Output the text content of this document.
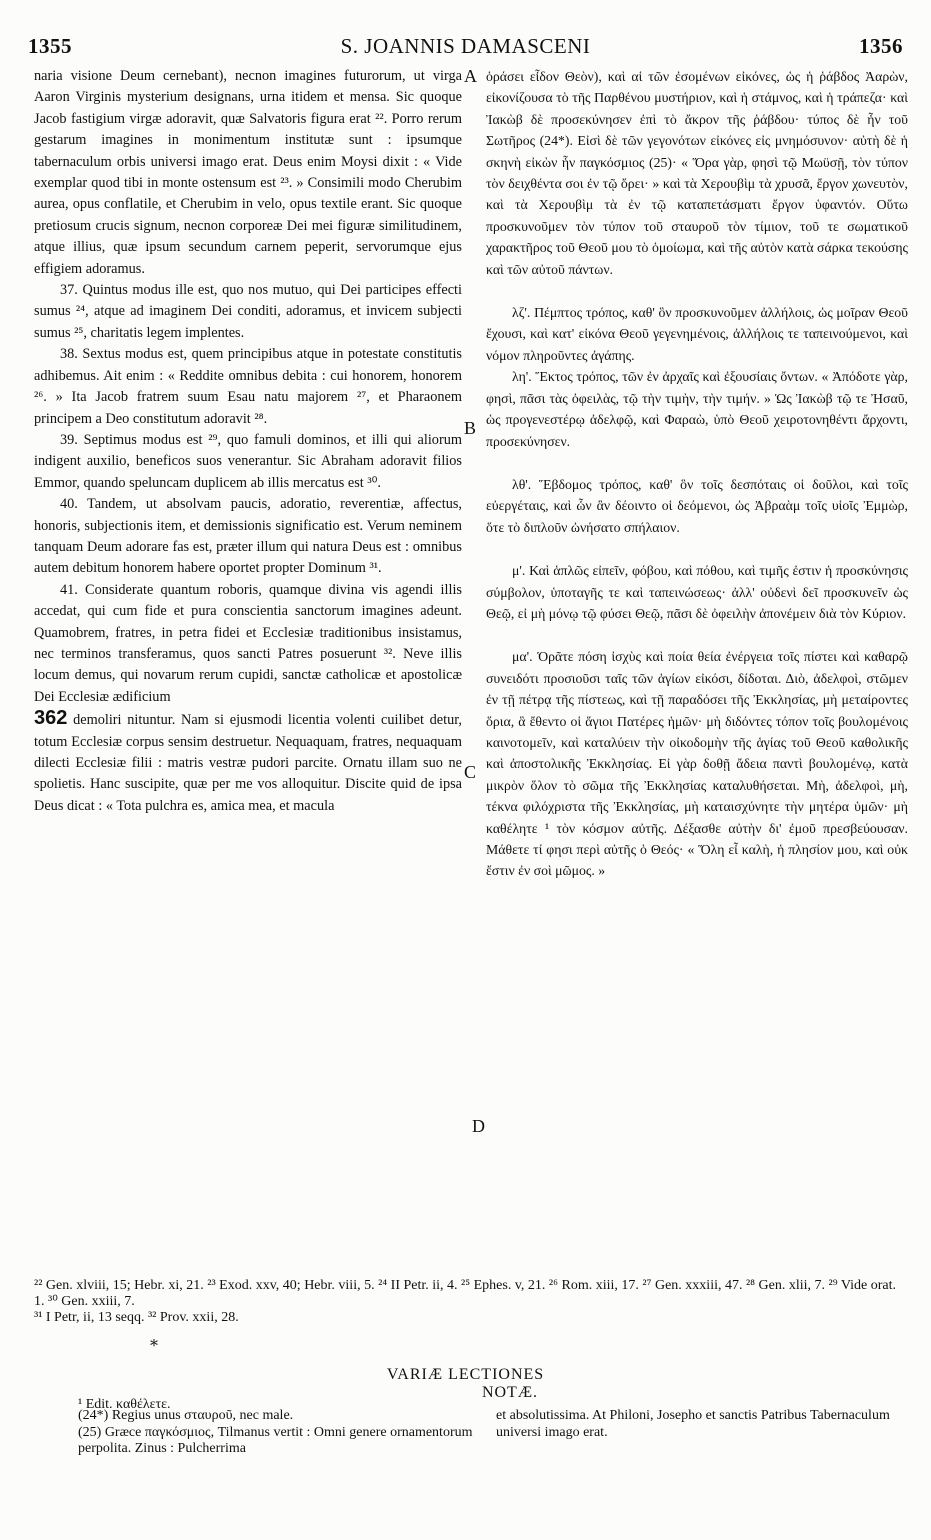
1355	S. JOANNIS DAMASCENI	1356

naria visione Deum cernebant), necnon imagines futurorum, ut virga Aaron Virginis mysterium designans, urna itidem et mensa. Sic quoque Jacob fastigium virgæ adoravit, quæ Salvatoris figura erat ²². Porro rerum gestarum imagines in monimentum institutæ sunt : ipsumque tabernaculum orbis universi imago erat. Deus enim Moysi dixit : « Vide exemplar quod tibi in monte ostensum est ²³. » Consimili modo Cherubim aurea, opus conflatile, et Cherubim in velo, opus textile erant. Sic quoque pretiosum crucis signum, necnon corporeæ Dei mei figuræ similitudinem, atque illius, quæ ipsum secundum carnem peperit, servorumque ejus effigiem adoramus.

37. Quintus modus ille est, quo nos mutuo, qui Dei participes effecti sumus ²⁴, atque ad imaginem Dei conditi, adoramus, et invicem subjecti sumus ²⁵, charitatis legem implentes.

38. Sextus modus est, quem principibus atque in potestate constitutis adhibemus. Ait enim : « Reddite omnibus debita : cui honorem, honorem ²⁶. » Ita Jacob fratrem suum Esau natu majorem ²⁷, et Pharaonem principem a Deo constitutum adoravit ²⁸.

39. Septimus modus est ²⁹, quo famuli dominos, et illi qui aliorum indigent auxilio, beneficos suos venerantur. Sic Abraham adoravit filios Emmor, quando speluncam duplicem ab illis mercatus est ³⁰.

40. Tandem, ut absolvam paucis, adoratio, reverentiæ, affectus, honoris, subjectionis item, et demissionis significatio est. Verum neminem tanquam Deum adorare fas est, præter illum qui natura Deus est : omnibus autem debitum honorem habere oportet propter Dominum ³¹.

41. Considerate quantum roboris, quamque divina vis agendi illis accedat, qui cum fide et pura conscientia sanctorum imagines adeunt. Quamobrem, fratres, in petra fidei et Ecclesiæ traditionibus insistamus, nec terminos transferamus, quos sancti Patres posuerunt ³². Neve illis locum demus, qui novarum rerum cupidi, sanctæ catholicæ et apostolicæ Dei Ecclesiæ ædificium

362 demoliri nituntur. Nam si ejusmodi licentia volenti cuilibet detur, totum Ecclesiæ corpus sensim destruetur. Nequaquam, fratres, nequaquam dilecti Ecclesiæ filii : matris vestræ pudori parcite. Ornatu illam suo ne spolietis. Hanc suscipite, quæ per me vos alloquitur. Discite quid de ipsa Deus dicat : « Tota pulchra es, amica mea, et macula

A
B
C
D

ὁράσει εἶδον Θεὸν), καὶ αἱ τῶν ἐσομένων εἰκόνες, ὡς ἡ ῥάβδος Ἀαρὼν, εἰκονίζουσα τὸ τῆς Παρθένου μυστήριον, καὶ ἡ στάμνος, καὶ ἡ τράπεζα· καὶ Ἰακὼβ δὲ προσεκύνησεν ἐπὶ τὸ ἄκρον τῆς ῥάβδου· τύπος δὲ ἦν τοῦ Σωτῆρος (24*). Εἰσὶ δὲ τῶν γεγονότων εἰκόνες εἰς μνημόσυνον· αὐτὴ δὲ ἡ σκηνὴ εἰκὼν ἦν παγκόσμιος (25)· « Ὅρα γὰρ, φησὶ τῷ Μωϋσῇ, τὸν τύπον τὸν δειχθέντα σοι ἐν τῷ ὄρει· » καὶ τὰ Χερουβὶμ τὰ χρυσᾶ, ἔργον χωνευτὸν, καὶ τὰ Χερουβὶμ τὰ ἐν τῷ καταπετάσματι ἔργον ὑφαντόν. Οὕτω προσκυνοῦμεν τὸν τύπον τοῦ σταυροῦ τὸν τίμιον, τοῦ τε σωματικοῦ χαρακτῆρος τοῦ Θεοῦ μου τὸ ὁμοίωμα, καὶ τῆς αὐτὸν κατὰ σάρκα τεκούσης καὶ τῶν αὐτοῦ πάντων.

λζ'. Πέμπτος τρόπος, καθ' ὃν προσκυνοῦμεν ἀλλήλοις, ὡς μοῖραν Θεοῦ ἔχουσι, καὶ κατ' εἰκόνα Θεοῦ γεγενημένοις, ἀλλήλοις τε ταπεινούμενοι, καὶ νόμον πληροῦντες ἀγάπης.

λη'. Ἕκτος τρόπος, τῶν ἐν ἀρχαῖς καὶ ἐξουσίαις ὄντων. « Ἀπόδοτε γὰρ, φησὶ, πᾶσι τὰς ὀφειλὰς, τῷ τὴν τιμὴν, τὴν τιμήν. » Ὡς Ἰακὼβ τῷ τε Ἠσαῦ, ὡς προγενεστέρῳ ἀδελφῷ, καὶ Φαραὼ, ὑπὸ Θεοῦ χειροτονηθέντι ἄρχοντι, προσεκύνησεν.

λθ'. Ἕβδομος τρόπος, καθ' ὃν τοῖς δεσπόταις οἱ δοῦλοι, καὶ τοῖς εὐεργέταις, καὶ ὧν ἂν δέοιντο οἱ δεόμενοι, ὡς Ἀβραὰμ τοῖς υἱοῖς Ἐμμὼρ, ὅτε τὸ διπλοῦν ὠνήσατο σπήλαιον.

μ'. Καὶ ἁπλῶς εἰπεῖν, φόβου, καὶ πόθου, καὶ τιμῆς ἐστιν ἡ προσκύνησις σύμβολον, ὑποταγῆς τε καὶ ταπεινώσεως· ἀλλ' οὐδενὶ δεῖ προσκυνεῖν ὡς Θεῷ, εἰ μὴ μόνῳ τῷ φύσει Θεῷ, πᾶσι δὲ ὀφειλὴν ἀπονέμειν διὰ τὸν Κύριον.

μα'. Ὁρᾶτε πόση ἰσχὺς καὶ ποία θεία ἐνέργεια τοῖς πίστει καὶ καθαρῷ συνειδότι προσιοῦσι ταῖς τῶν ἁγίων εἰκόσι, δίδοται. Διὸ, ἀδελφοὶ, στῶμεν ἐν τῇ πέτρᾳ τῆς πίστεως, καὶ τῇ παραδόσει τῆς Ἐκκλησίας, μὴ μεταίροντες ὅρια, ἃ ἔθεντο οἱ ἅγιοι Πατέρες ἡμῶν· μὴ διδόντες τόπον τοῖς βουλομένοις καινοτομεῖν, καὶ καταλύειν τὴν οἰκοδομὴν τῆς ἁγίας τοῦ Θεοῦ καθολικῆς καὶ ἀποστολικῆς Ἐκκλησίας. Εἰ γὰρ δοθῇ ἄδεια παντὶ βουλομένῳ, κατὰ μικρὸν ὅλον τὸ σῶμα τῆς Ἐκκλησίας καταλυθήσεται. Μὴ, ἀδελφοὶ, μὴ, τέκνα φιλόχριστα τῆς Ἐκκλησίας, μὴ καταισχύνητε τὴν μητέρα ὑμῶν· μὴ καθέλητε ¹ τὸν κόσμον αὐτῆς. Δέξασθε αὐτὴν δι' ἐμοῦ πρεσβεύουσαν. Μάθετε τί φησι περὶ αὐτῆς ὁ Θεός· « Ὅλη εἶ καλὴ, ἡ πλησίον μου, καὶ οὐκ ἔστιν ἐν σοὶ μῶμος. »

²² Gen. xlviii, 15; Hebr. xi, 21. ²³ Exod. xxv, 40; Hebr. viii, 5. ²⁴ II Petr. ii, 4. ²⁵ Ephes. v, 21. ²⁶ Rom. xiii, 17. ²⁷ Gen. xxxiii, 47. ²⁸ Gen. xlii, 7. ²⁹ Vide orat. 1. ³⁰ Gen. xxiii, 7.
³¹ I Petr, ii, 13 seqq. ³² Prov. xxii, 28.
*
VARIÆ LECTIONES
¹ Edit. καθέλετε.
NOTÆ.
(24*) Regius unus σταυροῦ, nec male.
(25) Græce παγκόσμιος, Tilmanus vertit : Omni genere ornamentorum perpolita. Zinus : Pulcherrima
et absolutissima. At Philoni, Josepho et sanctis Patribus Tabernaculum universi imago erat.
